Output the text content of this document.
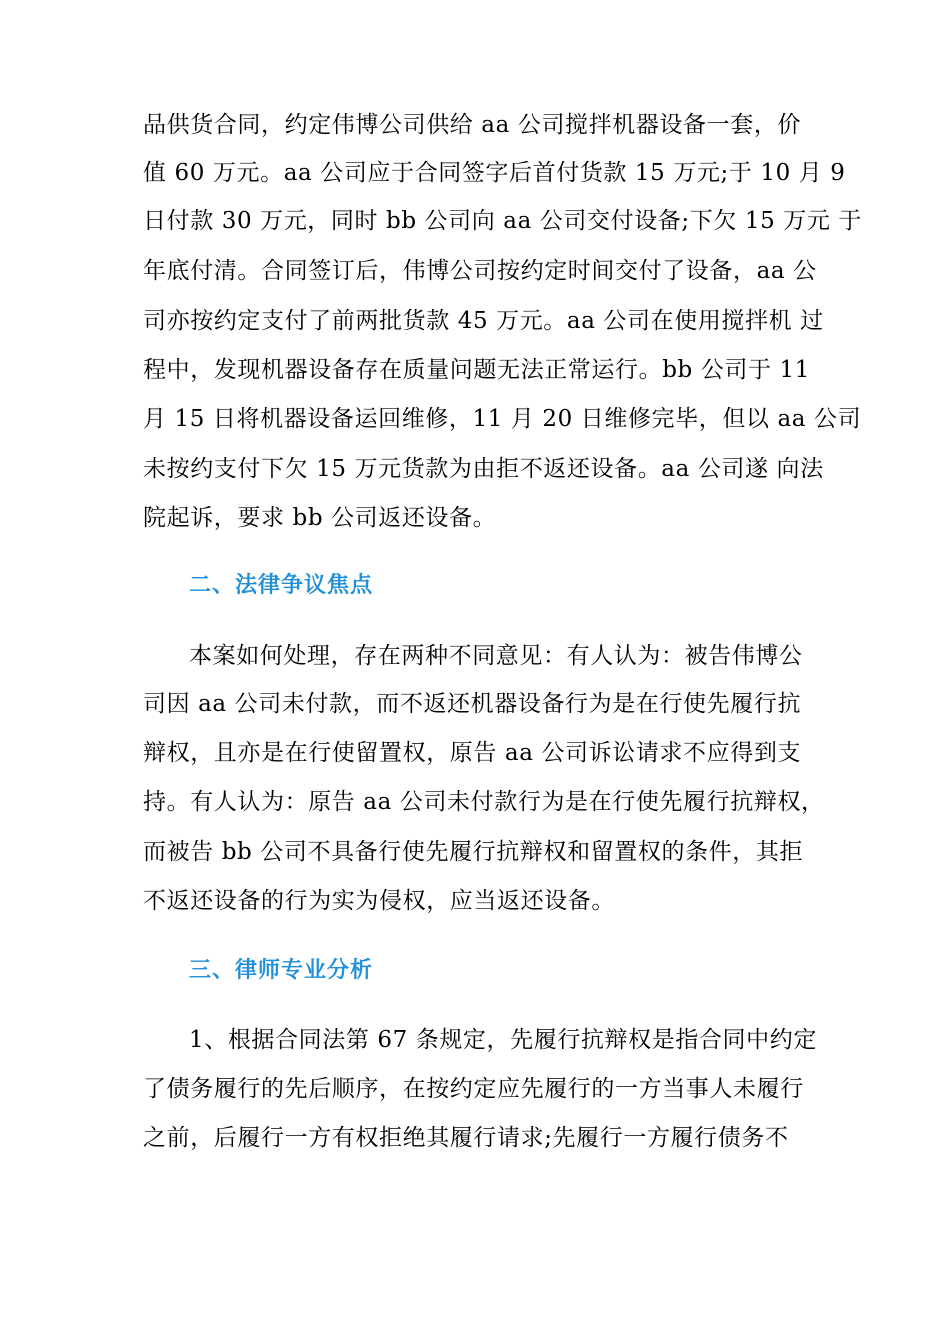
品供货合同，约定伟博公司供给 aa 公司搅拌机器设备一套，价
值 60 万元。aa 公司应于合同签字后首付货款 15 万元;于 10 月 9
日付款 30 万元，同时 bb 公司向 aa 公司交付设备;下欠 15 万元 于
年底付清。合同签订后，伟博公司按约定时间交付了设备，aa 公
司亦按约定支付了前两批货款 45 万元。aa 公司在使用搅拌机 过
程中，发现机器设备存在质量问题无法正常运行。bb 公司于 11
月 15 日将机器设备运回维修，11 月 20 日维修完毕，但以 aa 公司
未按约支付下欠 15 万元货款为由拒不返还设备。aa 公司遂 向法
院起诉，要求 bb 公司返还设备。
二、法律争议焦点
本案如何处理，存在两种不同意见：有人认为：被告伟博公
司因 aa 公司未付款，而不返还机器设备行为是在行使先履行抗
辩权，且亦是在行使留置权，原告 aa 公司诉讼请求不应得到支
持。有人认为：原告 aa 公司未付款行为是在行使先履行抗辩权，
而被告 bb 公司不具备行使先履行抗辩权和留置权的条件，其拒
不返还设备的行为实为侵权，应当返还设备。
三、律师专业分析
1、根据合同法第 67 条规定，先履行抗辩权是指合同中约定
了债务履行的先后顺序，在按约定应先履行的一方当事人未履行
之前，后履行一方有权拒绝其履行请求;先履行一方履行债务不
